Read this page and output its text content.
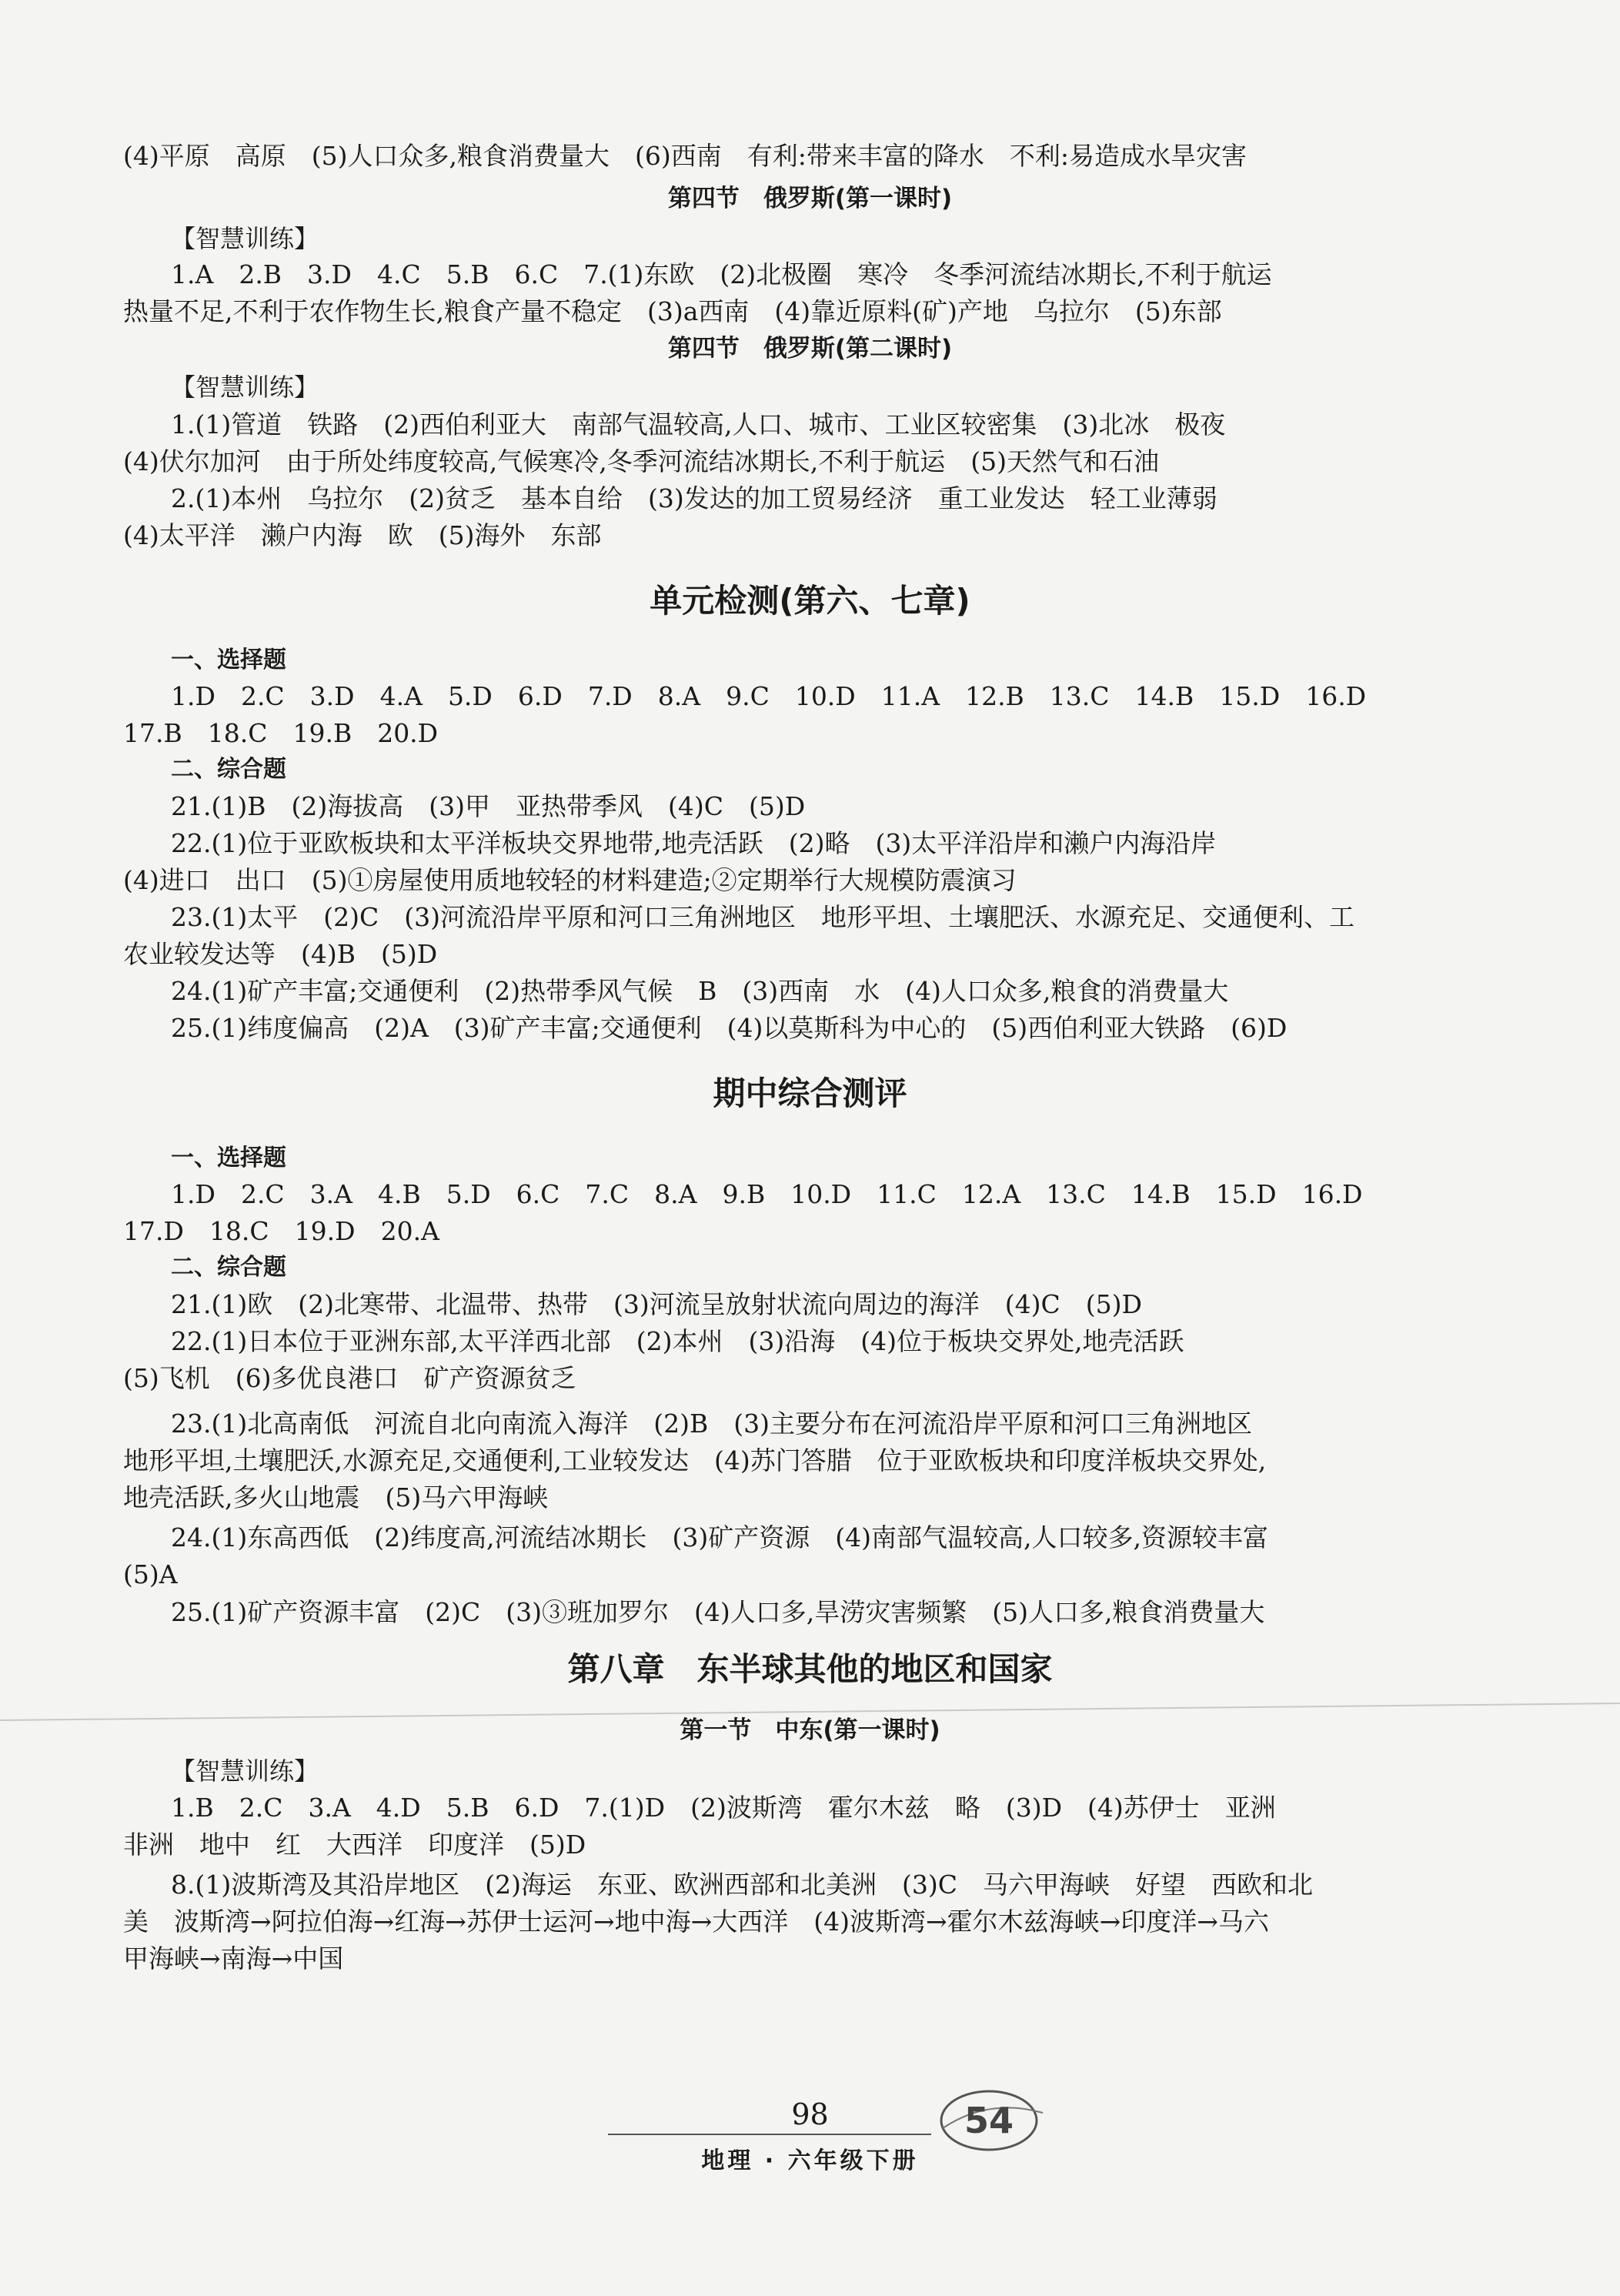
(4)平原　高原　(5)人口众多,粮食消费量大　(6)西南　有利:带来丰富的降水　不利:易造成水旱灾害
第四节　俄罗斯(第一课时)
【智慧训练】
1.A　2.B　3.D　4.C　5.B　6.C　7.(1)东欧　(2)北极圈　寒冷　冬季河流结冰期长,不利于航运
热量不足,不利于农作物生长,粮食产量不稳定　(3)a西南　(4)靠近原料(矿)产地　乌拉尔　(5)东部
第四节　俄罗斯(第二课时)
【智慧训练】
1.(1)管道　铁路　(2)西伯利亚大　南部气温较高,人口、城市、工业区较密集　(3)北冰　极夜
(4)伏尔加河　由于所处纬度较高,气候寒冷,冬季河流结冰期长,不利于航运　(5)天然气和石油
2.(1)本州　乌拉尔　(2)贫乏　基本自给　(3)发达的加工贸易经济　重工业发达　轻工业薄弱
(4)太平洋　濑户内海　欧　(5)海外　东部
单元检测(第六、七章)
一、选择题
1.D　2.C　3.D　4.A　5.D　6.D　7.D　8.A　9.C　10.D　11.A　12.B　13.C　14.B　15.D　16.D
17.B　18.C　19.B　20.D
二、综合题
21.(1)B　(2)海拔高　(3)甲　亚热带季风　(4)C　(5)D
22.(1)位于亚欧板块和太平洋板块交界地带,地壳活跃　(2)略　(3)太平洋沿岸和濑户内海沿岸
(4)进口　出口　(5)①房屋使用质地较轻的材料建造;②定期举行大规模防震演习
23.(1)太平　(2)C　(3)河流沿岸平原和河口三角洲地区　地形平坦、土壤肥沃、水源充足、交通便利、工
农业较发达等　(4)B　(5)D
24.(1)矿产丰富;交通便利　(2)热带季风气候　B　(3)西南　水　(4)人口众多,粮食的消费量大
25.(1)纬度偏高　(2)A　(3)矿产丰富;交通便利　(4)以莫斯科为中心的　(5)西伯利亚大铁路　(6)D
期中综合测评
一、选择题
1.D　2.C　3.A　4.B　5.D　6.C　7.C　8.A　9.B　10.D　11.C　12.A　13.C　14.B　15.D　16.D
17.D　18.C　19.D　20.A
二、综合题
21.(1)欧　(2)北寒带、北温带、热带　(3)河流呈放射状流向周边的海洋　(4)C　(5)D
22.(1)日本位于亚洲东部,太平洋西北部　(2)本州　(3)沿海　(4)位于板块交界处,地壳活跃
(5)飞机　(6)多优良港口　矿产资源贫乏
23.(1)北高南低　河流自北向南流入海洋　(2)B　(3)主要分布在河流沿岸平原和河口三角洲地区
地形平坦,土壤肥沃,水源充足,交通便利,工业较发达　(4)苏门答腊　位于亚欧板块和印度洋板块交界处,
地壳活跃,多火山地震　(5)马六甲海峡
24.(1)东高西低　(2)纬度高,河流结冰期长　(3)矿产资源　(4)南部气温较高,人口较多,资源较丰富
(5)A
25.(1)矿产资源丰富　(2)C　(3)③班加罗尔　(4)人口多,旱涝灾害频繁　(5)人口多,粮食消费量大
第八章　东半球其他的地区和国家
第一节　中东(第一课时)
【智慧训练】
1.B　2.C　3.A　4.D　5.B　6.D　7.(1)D　(2)波斯湾　霍尔木兹　略　(3)D　(4)苏伊士　亚洲
非洲　地中　红　大西洋　印度洋　(5)D
8.(1)波斯湾及其沿岸地区　(2)海运　东亚、欧洲西部和北美洲　(3)C　马六甲海峡　好望　西欧和北
美　波斯湾→阿拉伯海→红海→苏伊士运河→地中海→大西洋　(4)波斯湾→霍尔木兹海峡→印度洋→马六
甲海峡→南海→中国
98
地理 · 六年级下册
54
